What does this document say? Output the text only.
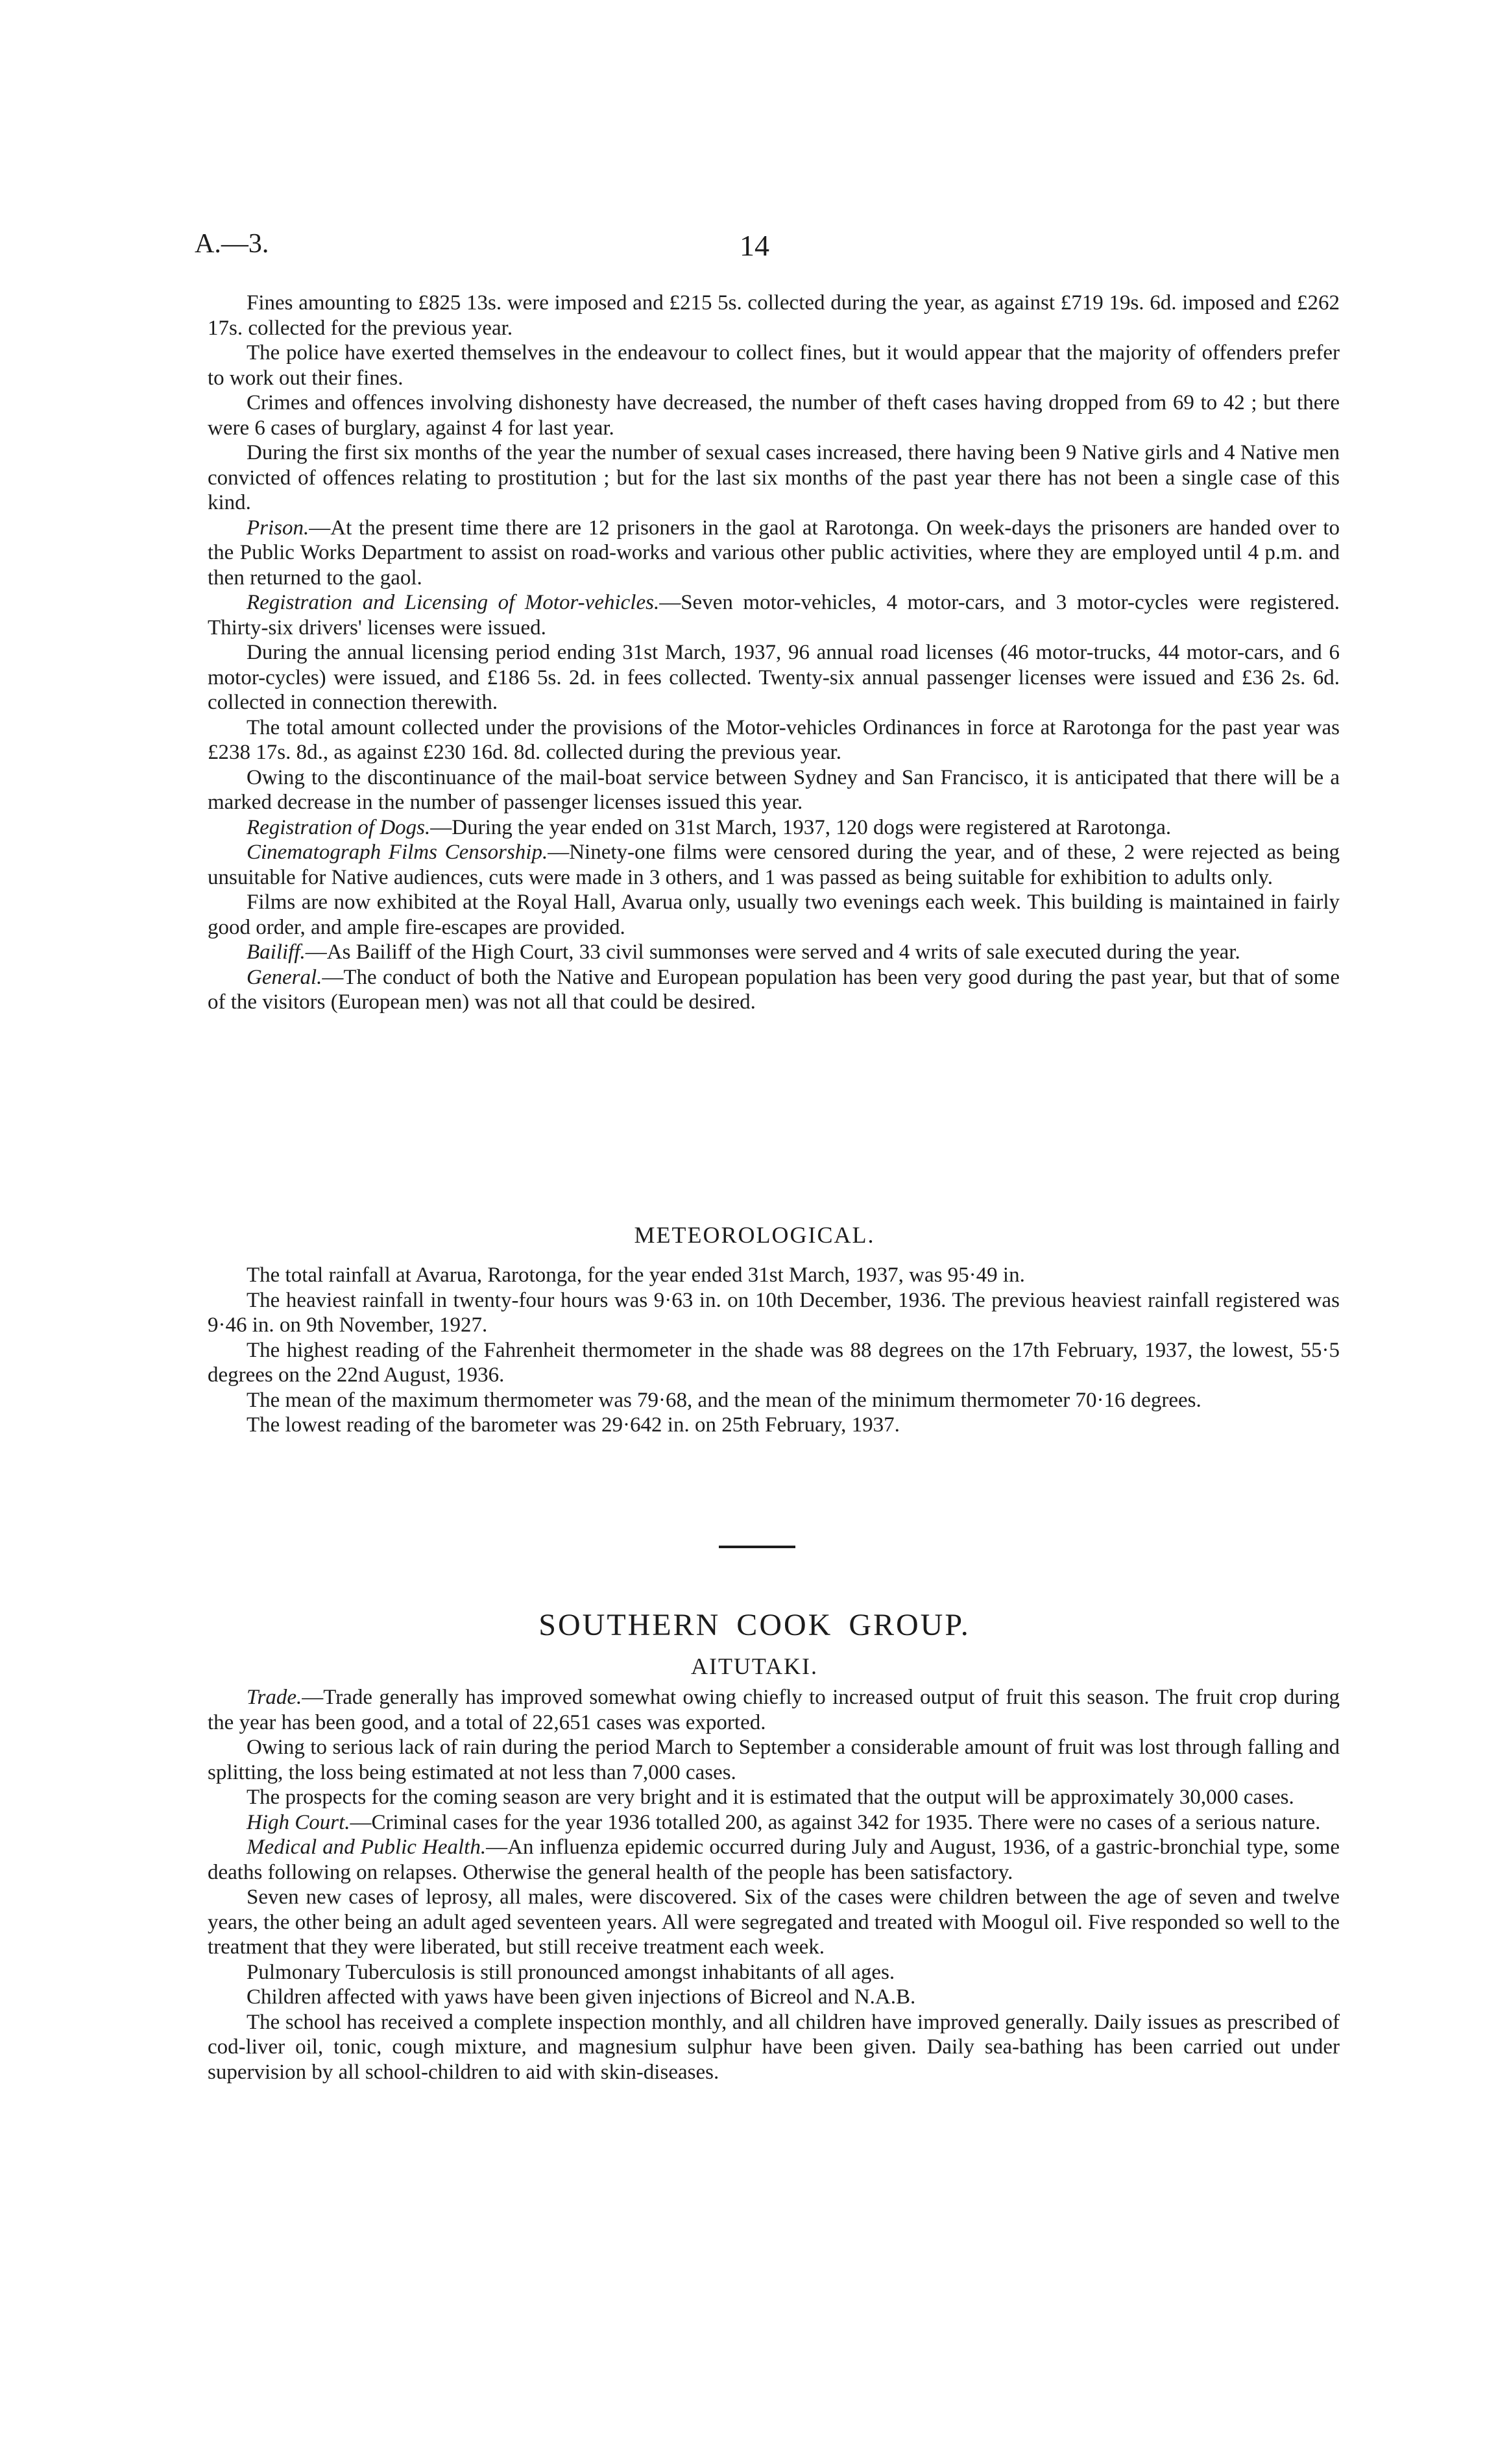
A.—3.	14

Fines amounting to £825 13s. were imposed and £215 5s. collected during the year, as against £719 19s. 6d. imposed and £262 17s. collected for the previous year.

The police have exerted themselves in the endeavour to collect fines, but it would appear that the majority of offenders prefer to work out their fines.

Crimes and offences involving dishonesty have decreased, the number of theft cases having dropped from 69 to 42 ; but there were 6 cases of burglary, against 4 for last year.

During the first six months of the year the number of sexual cases increased, there having been 9 Native girls and 4 Native men convicted of offences relating to prostitution ; but for the last six months of the past year there has not been a single case of this kind.

Prison.—At the present time there are 12 prisoners in the gaol at Rarotonga. On week-days the prisoners are handed over to the Public Works Department to assist on road-works and various other public activities, where they are employed until 4 p.m. and then returned to the gaol.

Registration and Licensing of Motor-vehicles.—Seven motor-vehicles, 4 motor-cars, and 3 motor-cycles were registered. Thirty-six drivers' licenses were issued.

During the annual licensing period ending 31st March, 1937, 96 annual road licenses (46 motor-trucks, 44 motor-cars, and 6 motor-cycles) were issued, and £186 5s. 2d. in fees collected. Twenty-six annual passenger licenses were issued and £36 2s. 6d. collected in connection therewith.

The total amount collected under the provisions of the Motor-vehicles Ordinances in force at Rarotonga for the past year was £238 17s. 8d., as against £230 16d. 8d. collected during the previous year.

Owing to the discontinuance of the mail-boat service between Sydney and San Francisco, it is anticipated that there will be a marked decrease in the number of passenger licenses issued this year.

Registration of Dogs.—During the year ended on 31st March, 1937, 120 dogs were registered at Rarotonga.

Cinematograph Films Censorship.—Ninety-one films were censored during the year, and of these, 2 were rejected as being unsuitable for Native audiences, cuts were made in 3 others, and 1 was passed as being suitable for exhibition to adults only.

Films are now exhibited at the Royal Hall, Avarua only, usually two evenings each week. This building is maintained in fairly good order, and ample fire-escapes are provided.

Bailiff.—As Bailiff of the High Court, 33 civil summonses were served and 4 writs of sale executed during the year.

General.—The conduct of both the Native and European population has been very good during the past year, but that of some of the visitors (European men) was not all that could be desired.

METEOROLOGICAL.

The total rainfall at Avarua, Rarotonga, for the year ended 31st March, 1937, was 95·49 in.

The heaviest rainfall in twenty-four hours was 9·63 in. on 10th December, 1936. The previous heaviest rainfall registered was 9·46 in. on 9th November, 1927.

The highest reading of the Fahrenheit thermometer in the shade was 88 degrees on the 17th February, 1937, the lowest, 55·5 degrees on the 22nd August, 1936.

The mean of the maximum thermometer was 79·68, and the mean of the minimum thermometer 70·16 degrees.

The lowest reading of the barometer was 29·642 in. on 25th February, 1937.

SOUTHERN COOK GROUP.
AITUTAKI.

Trade.—Trade generally has improved somewhat owing chiefly to increased output of fruit this season. The fruit crop during the year has been good, and a total of 22,651 cases was exported.

Owing to serious lack of rain during the period March to September a considerable amount of fruit was lost through falling and splitting, the loss being estimated at not less than 7,000 cases.

The prospects for the coming season are very bright and it is estimated that the output will be approximately 30,000 cases.

High Court.—Criminal cases for the year 1936 totalled 200, as against 342 for 1935. There were no cases of a serious nature.

Medical and Public Health.—An influenza epidemic occurred during July and August, 1936, of a gastric-bronchial type, some deaths following on relapses. Otherwise the general health of the people has been satisfactory.

Seven new cases of leprosy, all males, were discovered. Six of the cases were children between the age of seven and twelve years, the other being an adult aged seventeen years. All were segregated and treated with Moogul oil. Five responded so well to the treatment that they were liberated, but still receive treatment each week.

Pulmonary Tuberculosis is still pronounced amongst inhabitants of all ages.

Children affected with yaws have been given injections of Bicreol and N.A.B.

The school has received a complete inspection monthly, and all children have improved generally. Daily issues as prescribed of cod-liver oil, tonic, cough mixture, and magnesium sulphur have been given. Daily sea-bathing has been carried out under supervision by all school-children to aid with skin-diseases.
